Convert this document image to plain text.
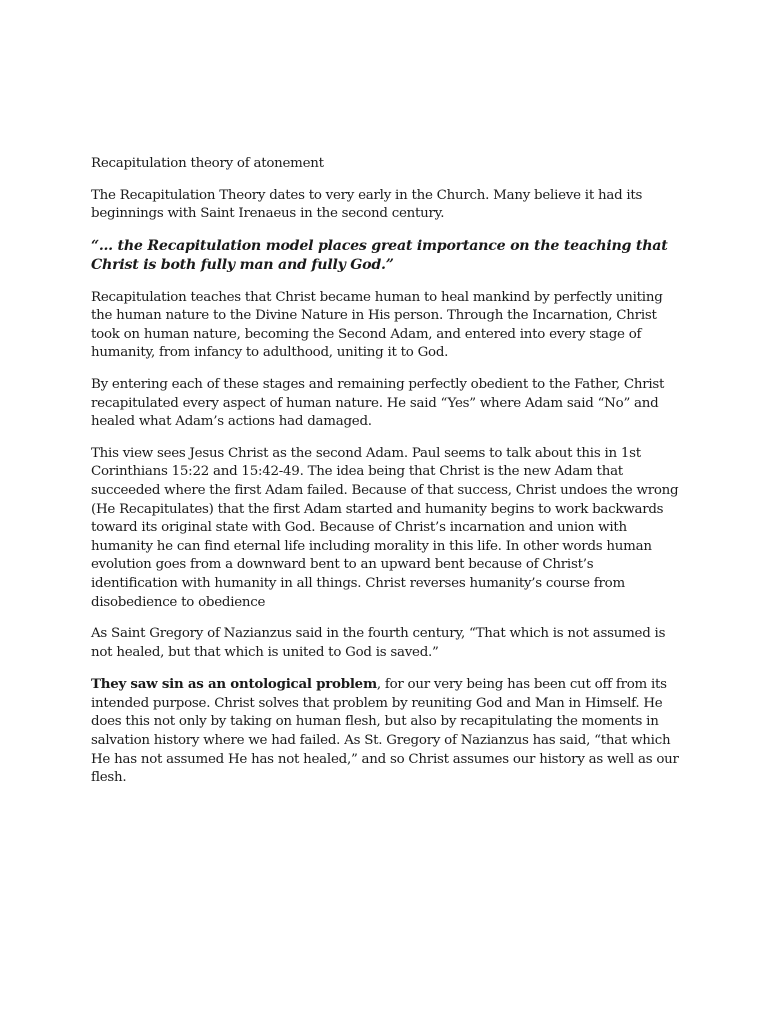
Recapitulation theory of atonement

The Recapitulation Theory dates to very early in the Church. Many believe it had its beginnings with Saint Irenaeus in the second century.

“… the Recapitulation model places great importance on the teaching that Christ is both fully man and fully God.”

Recapitulation teaches that Christ became human to heal mankind by perfectly uniting the human nature to the Divine Nature in His person. Through the Incarnation, Christ took on human nature, becoming the Second Adam, and entered into every stage of humanity, from infancy to adulthood, uniting it to God.

By entering each of these stages and remaining perfectly obedient to the Father, Christ recapitulated every aspect of human nature. He said “Yes” where Adam said “No” and healed what Adam’s actions had damaged.

This view sees Jesus Christ as the second Adam. Paul seems to talk about this in 1st Corinthians 15:22 and 15:42-49. The idea being that Christ is the new Adam that succeeded where the first Adam failed. Because of that success, Christ undoes the wrong (He Recapitulates) that the first Adam started and humanity begins to work backwards toward its original state with God. Because of Christ’s incarnation and union with humanity he can find eternal life including morality in this life. In other words human evolution goes from a downward bent to an upward bent because of Christ’s identification with humanity in all things. Christ reverses humanity’s course from disobedience to obedience

As Saint Gregory of Nazianzus said in the fourth century, “That which is not assumed is not healed, but that which is united to God is saved.”

They saw sin as an ontological problem, for our very being has been cut off from its intended purpose. Christ solves that problem by reuniting God and Man in Himself. He does this not only by taking on human flesh, but also by recapitulating the moments in salvation history where we had failed. As St. Gregory of Nazianzus has said, “that which He has not assumed He has not healed,” and so Christ assumes our history as well as our flesh.
